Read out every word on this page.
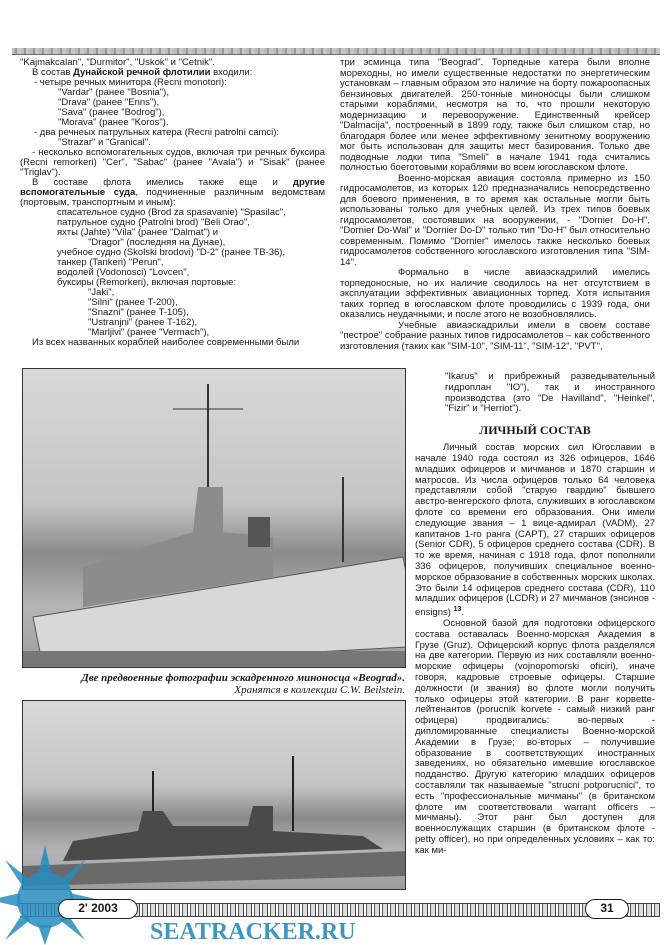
"Kajmakcalan", "Durmitor", "Uskok" и "Cetnik".

В состав Дунайской речной флотилии входили:

- четыре речных минитора (Recni monotori):

"Vardar" (ранее "Bosnia"),

"Drava" (ранее "Enns"),

"Sava" (ранее "Bodrog"),

"Morava" (ранее "Koros").

- два речнеых патрульных катера (Recni patrolni camci):

"Strazar" и "Granical".

- несколько вспомогательных судов, включая три речных буксира (Recni remorkeri) "Cer", "Sabac" (ранее "Avala") и "Sisak" (ранее "Triglav").

В составе флота имелись также еще и другие вспомогательные суда, подчиненные различным ведомствам (портовым, транспортным и иным):

спасательное судно (Brod za spasavanie) "Spasilac",

патрульное судно (Patrolni brod) "Beli Orao",

яхты (Jahte) "Vila" (ранее "Dalmat") и

"Dragor" (последняя на Дунае),

учебное судно (Skolski brodovi) "D-2" (ранее TB-36),

танкер (Tankeri) "Perun",

водолей (Vodonosci) "Lovcen",

буксиры (Remorkeri), включая портовые:

"Jaki",

"Silni" (ранее T-200),

"Snazni" (ранее T-105),

"Ustranjni" (ранее T-162),

"Marljivi" (ранее "Vermach"),

Из всех названных кораблей наиболее современными были

три эсминца типа "Beograd". Торпедные катера были вполне мореходны, но имели существенные недостатки по энергетическим установкам – главным образом это наличие на борту пожароопасных бензиновых двигателей. 250-тонные миноносцы были слишком старыми кораблями, несмотря на то, что прошли некоторую модернизацию и перевооружение. Единственный крейсер "Dalmacija", построенный в 1899 году, также был слишком стар, но благодаря более или менее эффективному зенитному вооружению мог быть использован для защиты мест базирования. Только две подводные лодки типа "Smeli" в начале 1941 года считались полностью боеготовыми кораблями во всем югославском флоте.

Военно-морская авиация состояла примерно из 150 гидросамолетов, из которых 120 предназначались непосредственно для боевого применения, в то время как остальные могли быть использованы только для учебных целей. Из трех типов боевых гидросамолетов, состоявших на вооружении, - "Dornier Do-H", "Dornier Do-Wal" и "Dornier Do-D" только тип "Do-H" был относительно современным. Помимо "Dornier" имелось также несколько боевых гидросамолетов собственного югославского изготовления типа "SIM-14".

Формально в числе авиаэскадрилий имелись торпедоносные, но их наличие сводилось на нет отсутствием в эксплуатации эффективных авиационных торпед. Хотя испытания таких торпед в югославском флоте проводились с 1939 года, они оказались неудачными, и после этого не возобновлялись.

Учебные авиаэскадрильи имели в своем составе "пестрое" собрание разных типов гидросамолетов – как собственного изготовления (таких как "SIM-10", "SIM-11", "SIM-12", "PVT",

"Ikarus" и прибрежный разведывательный гидроплан "IO"), так и иностранного производства (это "De Havilland", "Heinkel", "Fizir" и "Herriot").

ЛИЧНЫЙ СОСТАВ

Личный состав морских сил Югославии в начале 1940 года состоял из 326 офицеров, 1646 младших офицеров и мичманов и 1870 старшин и матросов. Из числа офицеров только 64 человека представляли собой "старую гвардию" бывшего австро-венгерского флота, служивших в югославском флоте со времени его образования. Они имели следующие звания – 1 вице-адмирал (VADM), 27 капитанов 1-го ранга (CAPT), 27 старших офицеров (Senior CDR), 5 офицеров среднего состава (CDR). В то же время, начиная с 1918 года, флот пополнили 336 офицеров, получивших специальное военно-морское образование в собственных морских школах. Это были 14 офицеров среднего состава (CDR), 110 младших офицеров (LCDR) и 27 мичманов (энсинов - ensigns) $^{13}$.

Основной базой для подготовки офицерского состава оставалась Военно-морская Академия в Грузе (Gruz). Офицерский корпус флота разделялся на две категории. Первую из них составляли военно-морские офицеры (vojnopomorski oficiri), иначе говоря, кадровые строевые офицеры. Старшие должности (и звания) во флоте могли получить только офицеры этой категории. В ранг корвette-лейтенантов (porucnik korvete - самый низкий ранг офицера) продвигались: во-первых - дипломированные специалисты Военно-морской Академии в Грузе; во-вторых – получившие образование в соответствующих иностранных заведениях, но обязательно имевшие югославское подданство. Другую категорию младших офицеров составляли так называемые "strucni potporucnici", то есть "профессиональные мичманы" (в британском флоте им соответствовали warrant officers – мичманы). Этот ранг был доступен для военнослужащих старшин (в британском флоте - petty officer), но при определенных условиях – как то: как ми-

Две предвоенные фотографии эскадренного миноносца «Beograd».
Хранятся в коллекции C.W. Beilstein.
2' 2003	31
SEATRACKER.RU
